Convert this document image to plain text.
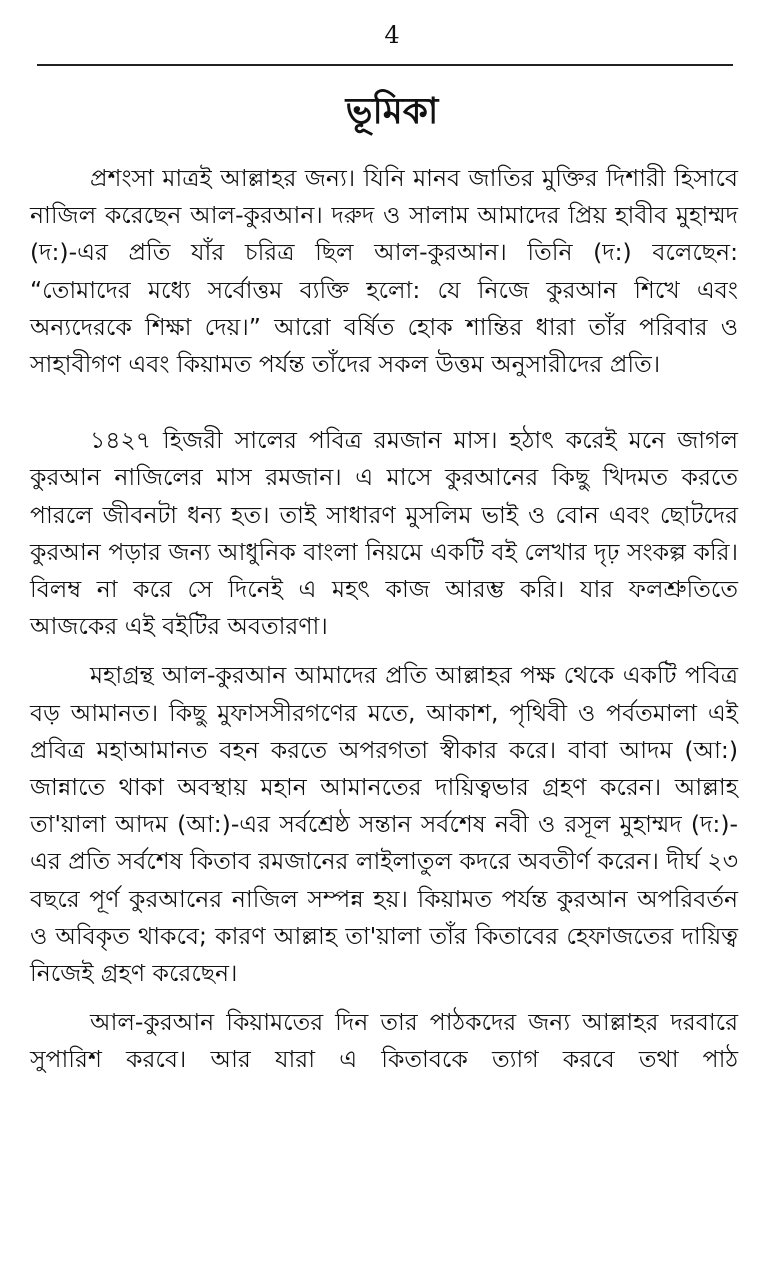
4
ভূমিকা

প্রশংসা মাত্রই আল্লাহর জন্য। যিনি মানব জাতির মুক্তির দিশারী হিসাবে নাজিল করেছেন আল-কুরআন। দরুদ ও সালাম আমাদের প্রিয় হাবীব মুহাম্মদ (দ:)-এর প্রতি যাঁর চরিত্র ছিল আল-কুরআন। তিনি (দ:) বলেছেন: “তোমাদের মধ্যে সর্বোত্তম ব্যক্তি হলো: যে নিজে কুরআন শিখে এবং অন্যদেরকে শিক্ষা দেয়।” আরো বর্ষিত হোক শান্তির ধারা তাঁর পরিবার ও সাহাবীগণ এবং কিয়ামত পর্যন্ত তাঁদের সকল উত্তম অনুসারীদের প্রতি।

১৪২৭ হিজরী সালের পবিত্র রমজান মাস। হঠাৎ করেই মনে জাগল কুরআন নাজিলের মাস রমজান। এ মাসে কুরআনের কিছু খিদমত করতে পারলে জীবনটা ধন্য হত। তাই সাধারণ মুসলিম ভাই ও বোন এবং ছোটদের কুরআন পড়ার জন্য আধুনিক বাংলা নিয়মে একটি বই লেখার দৃঢ় সংকল্প করি। বিলম্ব না করে সে দিনেই এ মহৎ কাজ আরম্ভ করি। যার ফলশ্রুতিতে আজকের এই বইটির অবতারণা।

মহাগ্রন্থ আল-কুরআন আমাদের প্রতি আল্লাহর পক্ষ থেকে একটি পবিত্র বড় আমানত। কিছু মুফাসসীরগণের মতে, আকাশ, পৃথিবী ও পর্বতমালা এই প্রবিত্র মহাআমানত বহন করতে অপরগতা স্বীকার করে। বাবা আদম (আ:) জান্নাতে থাকা অবস্থায় মহান আমানতের দায়িত্বভার গ্রহণ করেন। আল্লাহ তা'য়ালা আদম (আ:)-এর সর্বশ্রেষ্ঠ সন্তান সর্বশেষ নবী ও রসূল মুহাম্মদ (দ:)-এর প্রতি সর্বশেষ কিতাব রমজানের লাইলাতুল কদরে অবতীর্ণ করেন। দীর্ঘ ২৩ বছরে পূর্ণ কুরআনের নাজিল সম্পন্ন হয়। কিয়ামত পর্যন্ত কুরআন অপরিবর্তন ও অবিকৃত থাকবে; কারণ আল্লাহ তা'য়ালা তাঁর কিতাবের হেফাজতের দায়িত্ব নিজেই গ্রহণ করেছেন।

আল-কুরআন কিয়ামতের দিন তার পাঠকদের জন্য আল্লাহর দরবারে সুপারিশ করবে। আর যারা এ কিতাবকে ত্যাগ করবে তথা পাঠ
